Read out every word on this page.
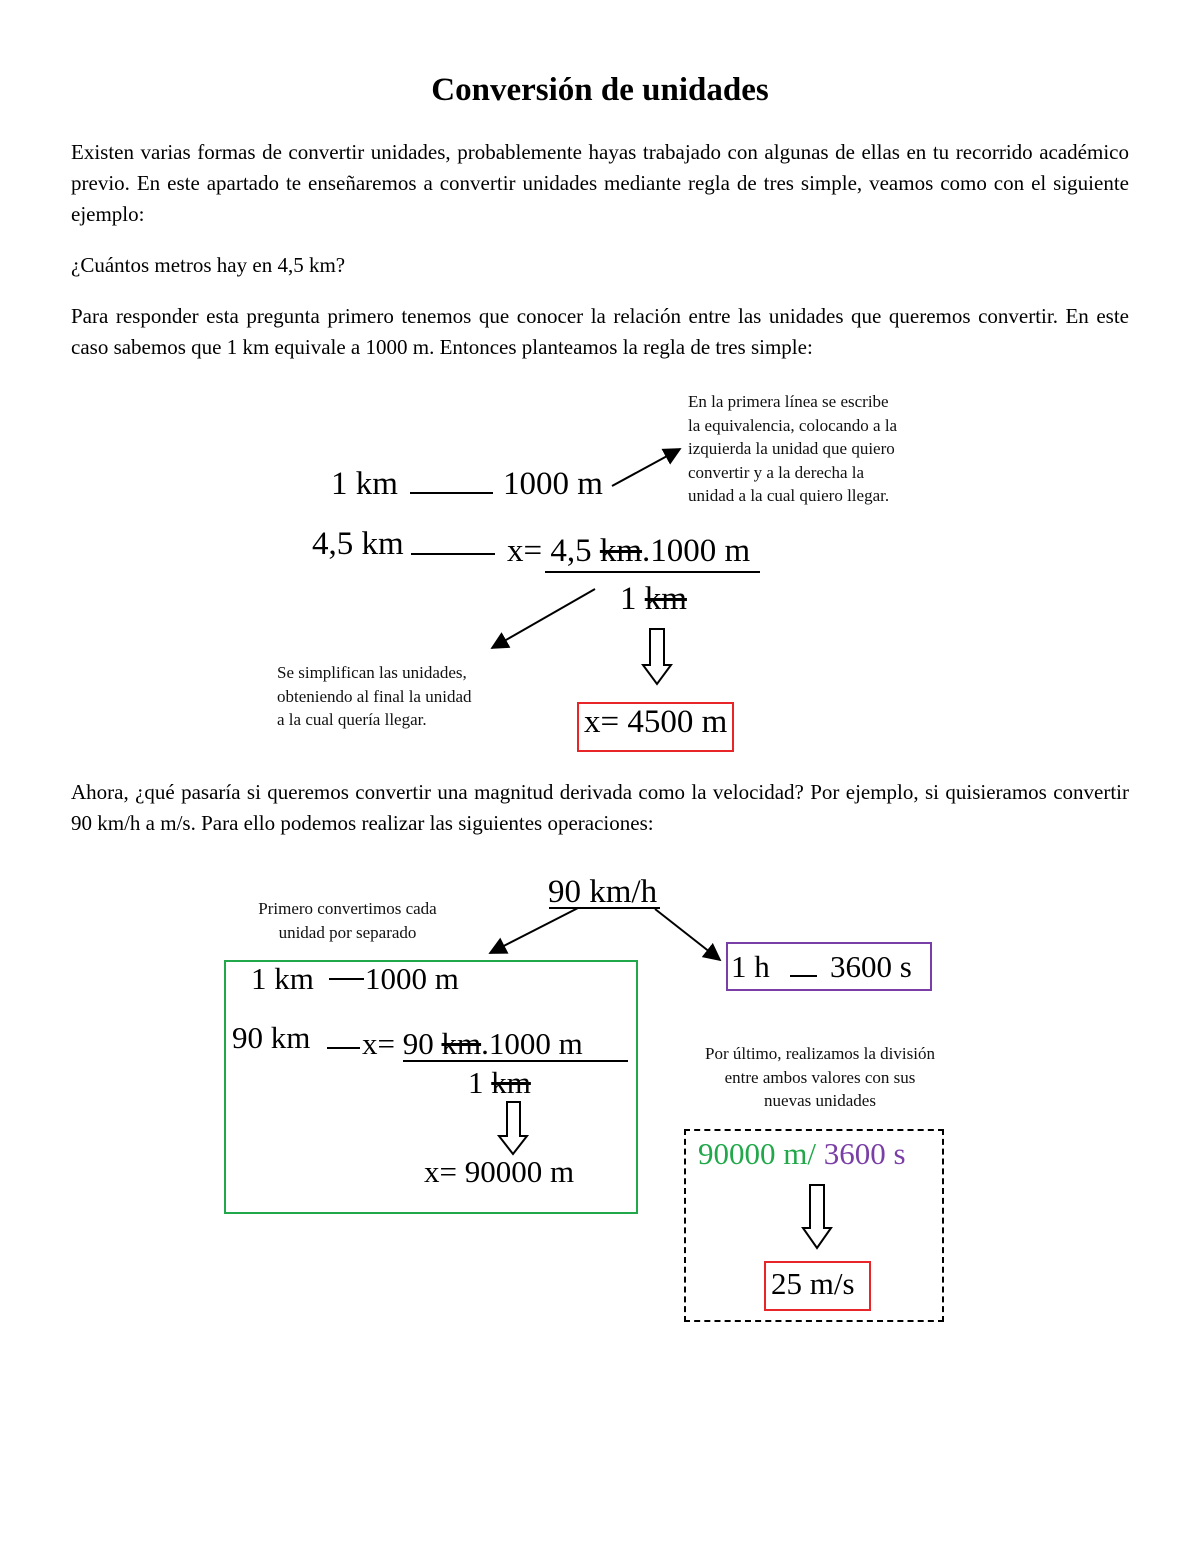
Conversión de unidades
Existen varias formas de convertir unidades, probablemente hayas trabajado con algunas de ellas en tu recorrido académico previo. En este apartado te enseñaremos a convertir unidades mediante regla de tres simple, veamos como con el siguiente ejemplo:
¿Cuántos metros hay en 4,5 km?
Para responder esta pregunta primero tenemos que conocer la relación entre las unidades que queremos convertir. En este caso sabemos que 1 km equivale a 1000 m. Entonces planteamos la regla de tres simple:
Ahora, ¿qué pasaría si queremos convertir una magnitud derivada como la velocidad? Por ejemplo, si quisieramos convertir 90 km/h a m/s. Para ello podemos realizar las siguientes operaciones:
1 km	1000 m
4,5 km	x= 4,5 km.1000 m
1 km
En la primera línea se escribe
la equivalencia, colocando a la
izquierda la unidad que quiero
convertir y a la derecha la
unidad a la cual quiero llegar.
Se simplifican las unidades,
obteniendo al final la unidad
a la cual quería llegar.	x= 4500 m
90 km/h
Primero convertimos cada
unidad por separado
1 km 1000 m
90 km x= 90 km.1000 m
1 km
x= 90000 m
1 h 3600 s
Por último, realizamos la división
entre ambos valores con sus
nuevas unidades
90000 m/ 3600 s
25 m/s
